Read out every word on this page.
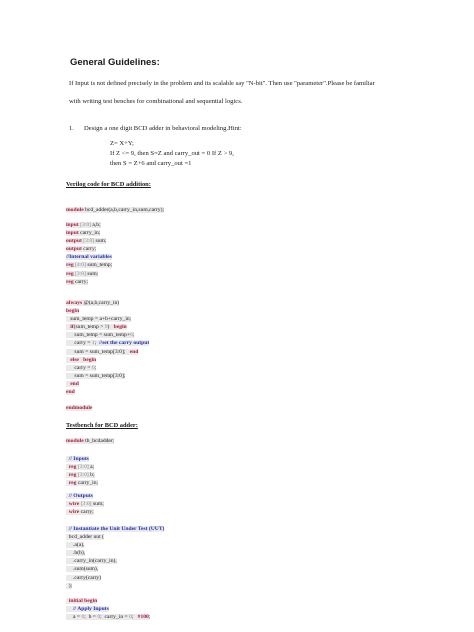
General Guidelines:
If Input is not defined precisely in the problem and its scalable say "N-bit". Then use "parameter".Please be familiar
with writing test benches for combinational and sequential logics.
1. Design a one digit BCD adder in behavioral modeling.Hint:
Z= X+Y;
If Z <= 9, then S=Z and carry_out = 0 If Z > 9,
then S = Z+6 and carry_out =1
Verilog code for BCD addition:
module bcd_adder(a,b,carry_in,sum,carry);
input [3:0] a,b;
input carry_in;
output [3:0] sum;
output carry;
//Internal variables
reg [4:0] sum_temp;
reg [3:0] sum;
reg carry;
always @(a,b,carry_in)
begin
sum_temp = a+b+carry_in;
if(sum_temp > 9)   begin
sum_temp = sum_temp+6;
carry = 1;  //set the carry output
sum = sum_temp[3:0];   end
else begin
carry = 0;
sum = sum_temp[3:0];
end
end
endmodule
Testbench for BCD adder:
module tb_bcdadder;
// Inputs
reg [3:0] a;
reg [3:0] b;
reg carry_in;
// Outputs
wire [3:0] sum;
wire carry;
// Instantiate the Unit Under Test (UUT)
bcd_adder uut (
.a(a),
.b(b),
.carry_in(carry_in),
.sum(sum),
.carry(carry)
);
initial begin
// Apply Inputs
a = 0;  b = 0;  carry_in = 0;   #100;
